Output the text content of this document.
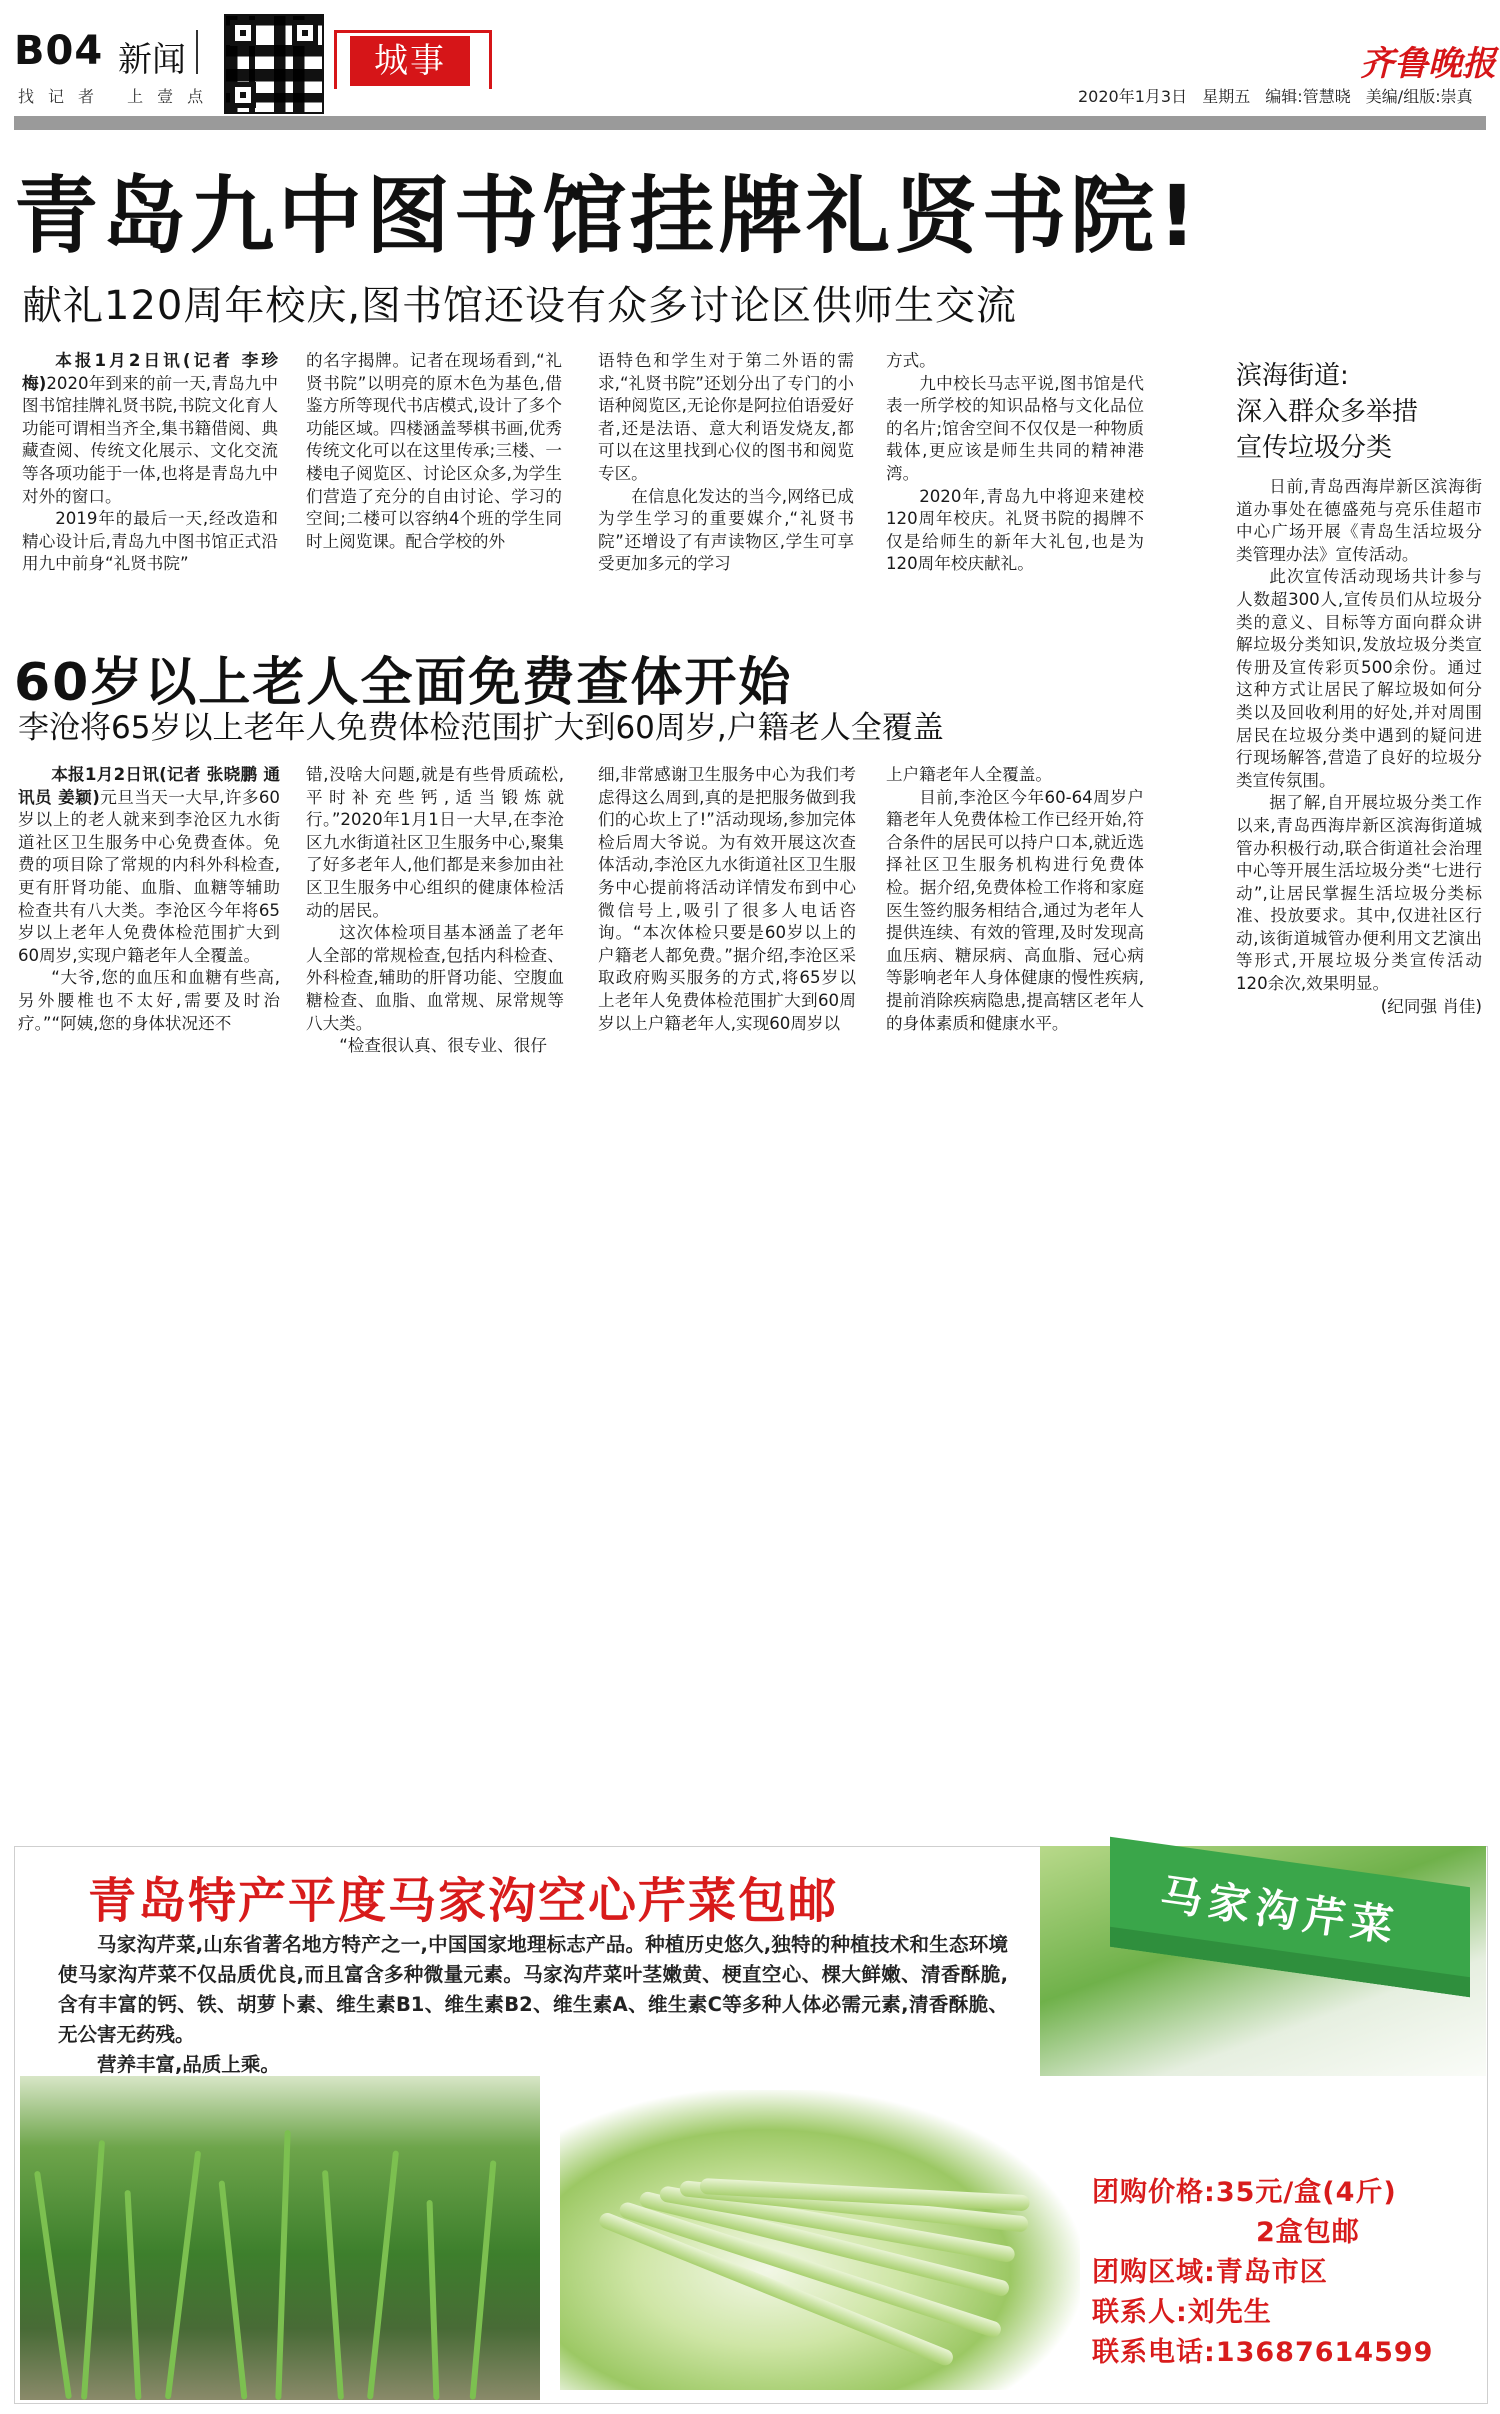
B04 新闻
找记者 上壹点
城事	齐鲁晚报
2020年1月3日 星期五 编辑:管慧晓 美编/组版:崇真
青岛九中图书馆挂牌礼贤书院!
献礼120周年校庆,图书馆还设有众多讨论区供师生交流

本报1月2日讯(记者 李珍梅)2020年到来的前一天,青岛九中图书馆挂牌礼贤书院,书院文化育人功能可谓相当齐全,集书籍借阅、典藏查阅、传统文化展示、文化交流等各项功能于一体,也将是青岛九中对外的窗口。

2019年的最后一天,经改造和精心设计后,青岛九中图书馆正式沿用九中前身“礼贤书院”

的名字揭牌。记者在现场看到,“礼贤书院”以明亮的原木色为基色,借鉴方所等现代书店模式,设计了多个功能区域。四楼涵盖琴棋书画,优秀传统文化可以在这里传承;三楼、一楼电子阅览区、讨论区众多,为学生们营造了充分的自由讨论、学习的空间;二楼可以容纳4个班的学生同时上阅览课。配合学校的外

语特色和学生对于第二外语的需求,“礼贤书院”还划分出了专门的小语种阅览区,无论你是阿拉伯语爱好者,还是法语、意大利语发烧友,都可以在这里找到心仪的图书和阅览专区。

在信息化发达的当今,网络已成为学生学习的重要媒介,“礼贤书院”还增设了有声读物区,学生可享受更加多元的学习

方式。

九中校长马志平说,图书馆是代表一所学校的知识品格与文化品位的名片;馆舍空间不仅仅是一种物质载体,更应该是师生共同的精神港湾。

2020年,青岛九中将迎来建校120周年校庆。礼贤书院的揭牌不仅是给师生的新年大礼包,也是为120周年校庆献礼。

滨海街道:
深入群众多举措
宣传垃圾分类

日前,青岛西海岸新区滨海街道办事处在德盛苑与亮乐佳超市中心广场开展《青岛生活垃圾分类管理办法》宣传活动。

此次宣传活动现场共计参与人数超300人,宣传员们从垃圾分类的意义、目标等方面向群众讲解垃圾分类知识,发放垃圾分类宣传册及宣传彩页500余份。通过这种方式让居民了解垃圾如何分类以及回收利用的好处,并对周围居民在垃圾分类中遇到的疑问进行现场解答,营造了良好的垃圾分类宣传氛围。

据了解,自开展垃圾分类工作以来,青岛西海岸新区滨海街道城管办积极行动,联合街道社会治理中心等开展生活垃圾分类“七进行动”,让居民掌握生活垃圾分类标准、投放要求。其中,仅进社区行动,该街道城管办便利用文艺演出等形式,开展垃圾分类宣传活动120余次,效果明显。

(纪同强 肖佳)

60岁以上老人全面免费查体开始
李沧将65岁以上老年人免费体检范围扩大到60周岁,户籍老人全覆盖

本报1月2日讯(记者 张晓鹏 通讯员 姜颖)元旦当天一大早,许多60岁以上的老人就来到李沧区九水街道社区卫生服务中心免费查体。免费的项目除了常规的内科外科检查,更有肝肾功能、血脂、血糖等辅助检查共有八大类。李沧区今年将65岁以上老年人免费体检范围扩大到60周岁,实现户籍老年人全覆盖。

“大爷,您的血压和血糖有些高,另外腰椎也不太好,需要及时治疗。”“阿姨,您的身体状况还不

错,没啥大问题,就是有些骨质疏松,平时补充些钙,适当锻炼就行。”2020年1月1日一大早,在李沧区九水街道社区卫生服务中心,聚集了好多老年人,他们都是来参加由社区卫生服务中心组织的健康体检活动的居民。

这次体检项目基本涵盖了老年人全部的常规检查,包括内科检查、外科检查,辅助的肝肾功能、空腹血糖检查、血脂、血常规、尿常规等八大类。

“检查很认真、很专业、很仔

细,非常感谢卫生服务中心为我们考虑得这么周到,真的是把服务做到我们的心坎上了!”活动现场,参加完体检后周大爷说。为有效开展这次查体活动,李沧区九水街道社区卫生服务中心提前将活动详情发布到中心微信号上,吸引了很多人电话咨询。“本次体检只要是60岁以上的户籍老人都免费。”据介绍,李沧区采取政府购买服务的方式,将65岁以上老年人免费体检范围扩大到60周岁以上户籍老年人,实现60周岁以

上户籍老年人全覆盖。

目前,李沧区今年60-64周岁户籍老年人免费体检工作已经开始,符合条件的居民可以持户口本,就近选择社区卫生服务机构进行免费体检。据介绍,免费体检工作将和家庭医生签约服务相结合,通过为老年人提供连续、有效的管理,及时发现高血压病、糖尿病、高血脂、冠心病等影响老年人身体健康的慢性疾病,提前消除疾病隐患,提高辖区老年人的身体素质和健康水平。

马家沟芹菜
青岛特产平度马家沟空心芹菜包邮

马家沟芹菜,山东省著名地方特产之一,中国国家地理标志产品。种植历史悠久,独特的种植技术和生态环境使马家沟芹菜不仅品质优良,而且富含多种微量元素。马家沟芹菜叶茎嫩黄、梗直空心、棵大鲜嫩、清香酥脆,含有丰富的钙、铁、胡萝卜素、维生素B1、维生素B2、维生素A、维生素C等多种人体必需元素,清香酥脆、无公害无药残。

营养丰富,品质上乘。

团购价格:35元/盒(4斤)
2盒包邮
团购区域:青岛市区
联系人:刘先生
联系电话:13687614599
